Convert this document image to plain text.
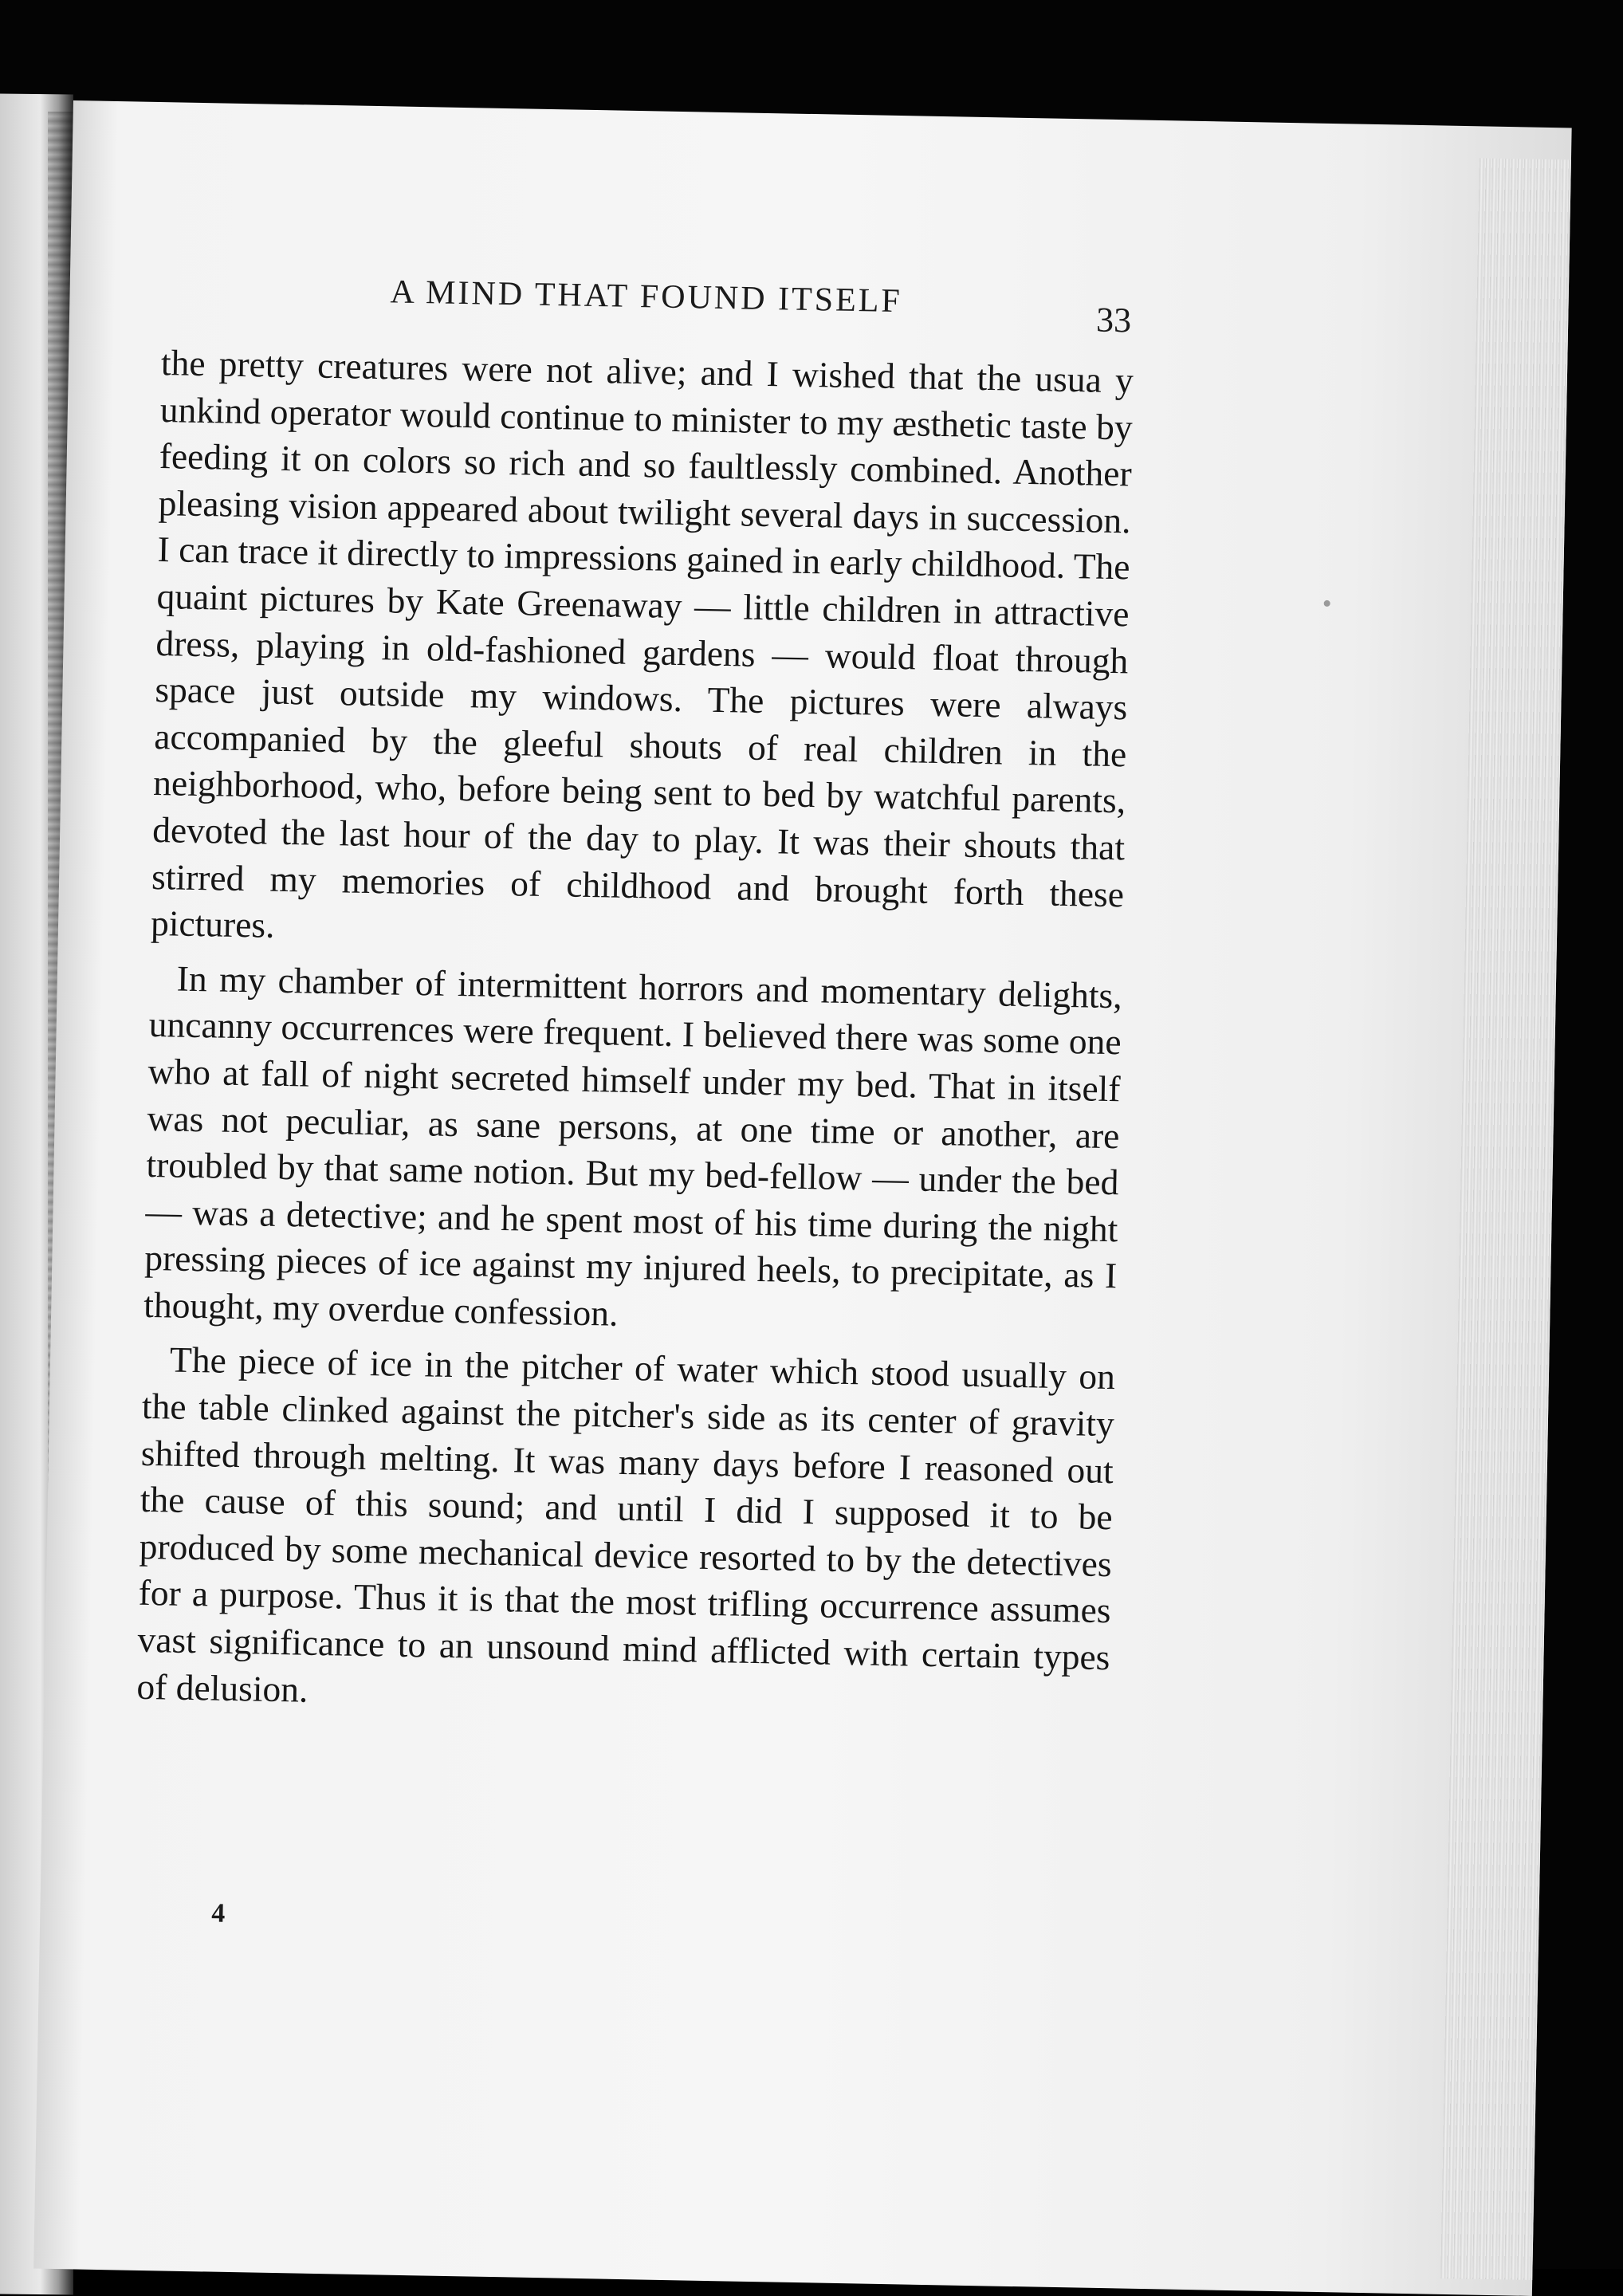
A MIND THAT FOUND ITSELF
33

the pretty creatures were not alive; and I wished that the usua y unkind operator would continue to minister to my æsthetic taste by feeding it on colors so rich and so faultlessly combined. Another pleasing vision appeared about twilight several days in succession. I can trace it directly to impressions gained in early childhood. The quaint pictures by Kate Greenaway — little children in attractive dress, playing in old-fashioned gardens — would float through space just outside my windows. The pictures were always accompanied by the gleeful shouts of real children in the neighborhood, who, before being sent to bed by watchful parents, devoted the last hour of the day to play. It was their shouts that stirred my memories of childhood and brought forth these pictures.

In my chamber of intermittent horrors and momentary delights, uncanny occurrences were frequent. I believed there was some one who at fall of night secreted himself under my bed. That in itself was not peculiar, as sane persons, at one time or another, are troubled by that same notion. But my bed-fellow — under the bed — was a detective; and he spent most of his time during the night pressing pieces of ice against my injured heels, to precipitate, as I thought, my overdue confession.

The piece of ice in the pitcher of water which stood usually on the table clinked against the pitcher's side as its center of gravity shifted through melting. It was many days before I reasoned out the cause of this sound; and until I did I supposed it to be produced by some mechanical device resorted to by the detectives for a purpose. Thus it is that the most trifling occurrence assumes vast significance to an unsound mind afflicted with certain types of delusion.

4
